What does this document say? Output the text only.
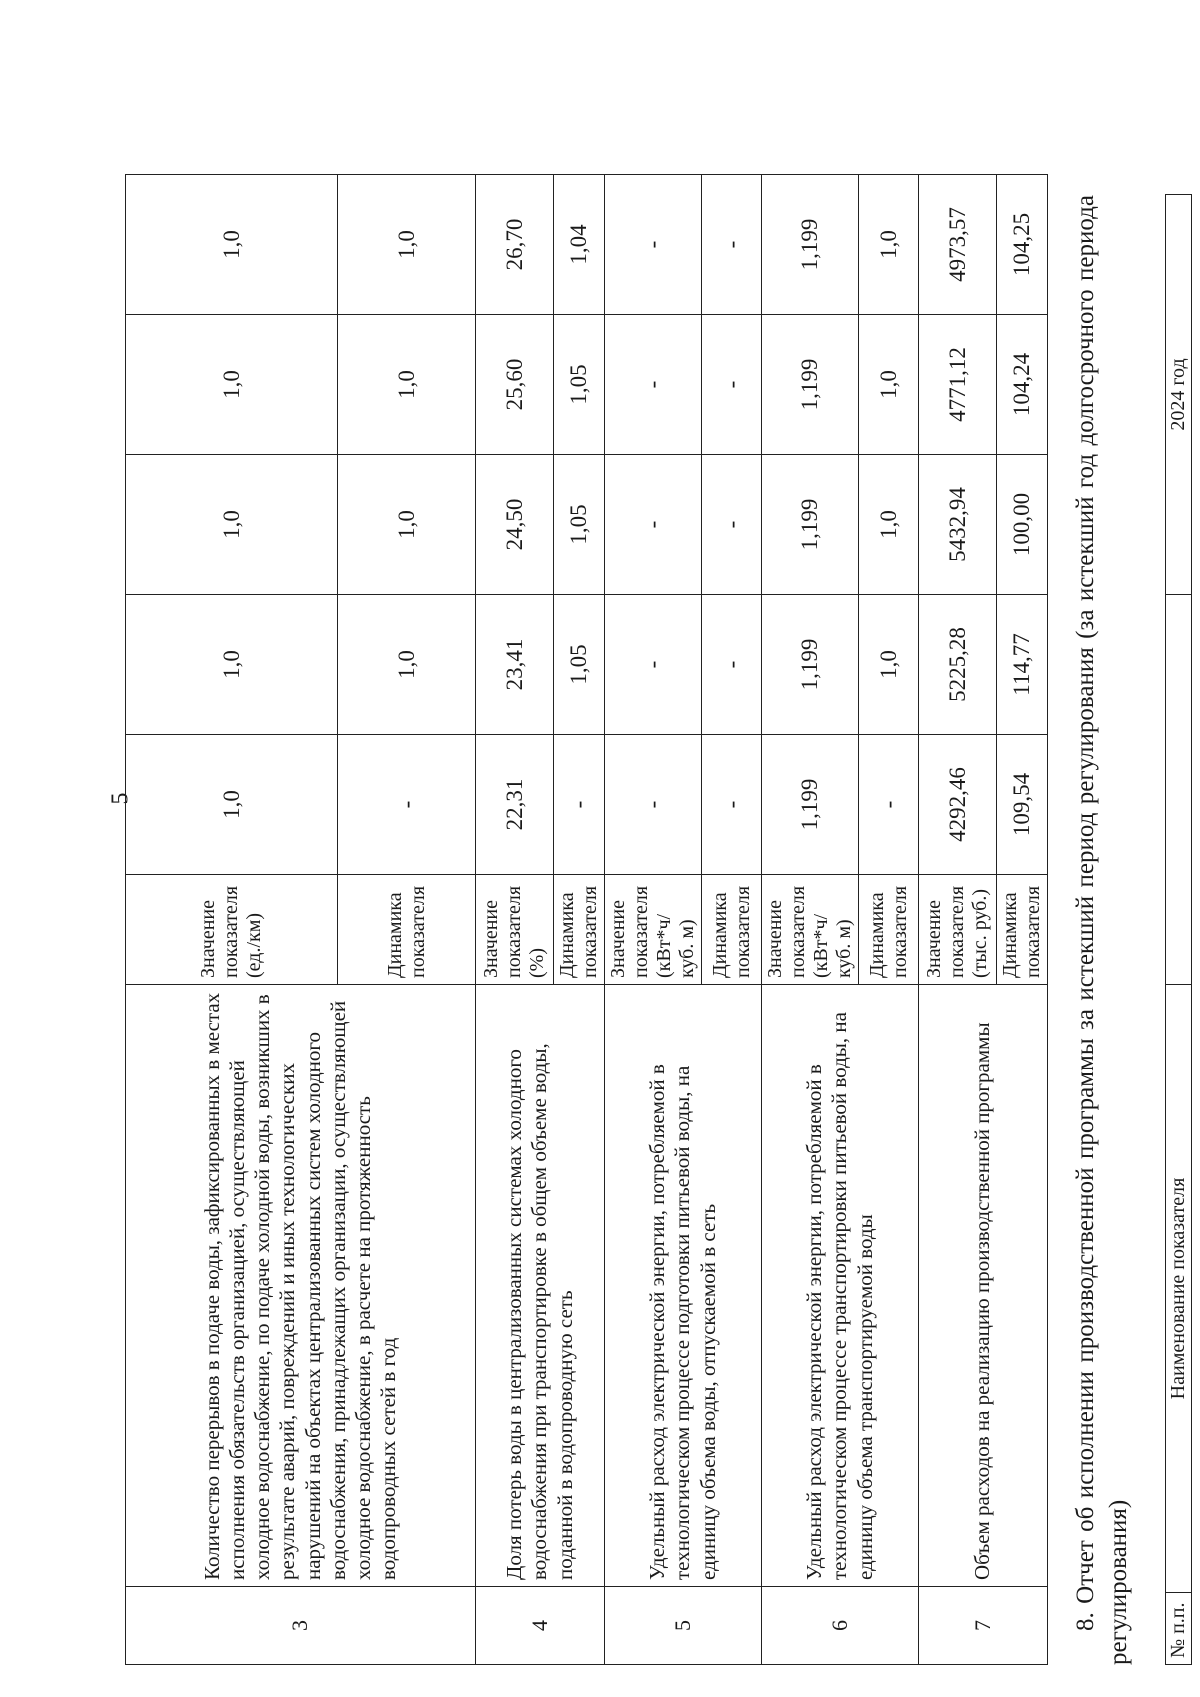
5
3	Количество перерывов в подаче воды, зафиксированных в местах исполнения обязательств организацией, осуществляющей холодное водоснабжение, по подаче холодной воды, возникших в результате аварий, повреждений и иных технологических нарушений на объектах централизованных систем холодного водоснабжения, принадлежащих организации, осуществляющей холодное водоснабжение, в расчете на протяженность водопроводных сетей в год	Значение показателя (ед./км)	1,0	1,0	1,0	1,0	1,0
		Динамика показателя	-	1,0	1,0	1,0	1,0
4	Доля потерь воды в централизованных системах холодного водоснабжения при транспортировке в общем объеме воды, поданной в водопроводную сеть	Значение показателя (%)	22,31	23,41	24,50	25,60	26,70
		Динамика показателя	-	1,05	1,05	1,05	1,04
5	Удельный расход электрической энергии, потребляемой в технологическом процессе подготовки питьевой воды, на единицу объема воды, отпускаемой в сеть	Значение показателя (кВт*ч/куб. м)	-	-	-	-	-
		Динамика показателя	-	-	-	-	-
6	Удельный расход электрической энергии, потребляемой в технологическом процессе транспортировки питьевой воды, на единицу объема транспортируемой воды	Значение показателя (кВт*ч/куб. м)	1,199	1,199	1,199	1,199	1,199
		Динамика показателя	-	1,0	1,0	1,0	1,0
7	Объем расходов на реализацию производственной программы	Значение показателя (тыс. руб.)	4292,46	5225,28	5432,94	4771,12	4973,57
		Динамика показателя	109,54	114,77	100,00	104,24	104,25
8. Отчет об исполнении производственной программы за истекший период регулирования (за истекший год долгосрочного периода регулирования) № п.п.	Наименование показателя		2024 год
